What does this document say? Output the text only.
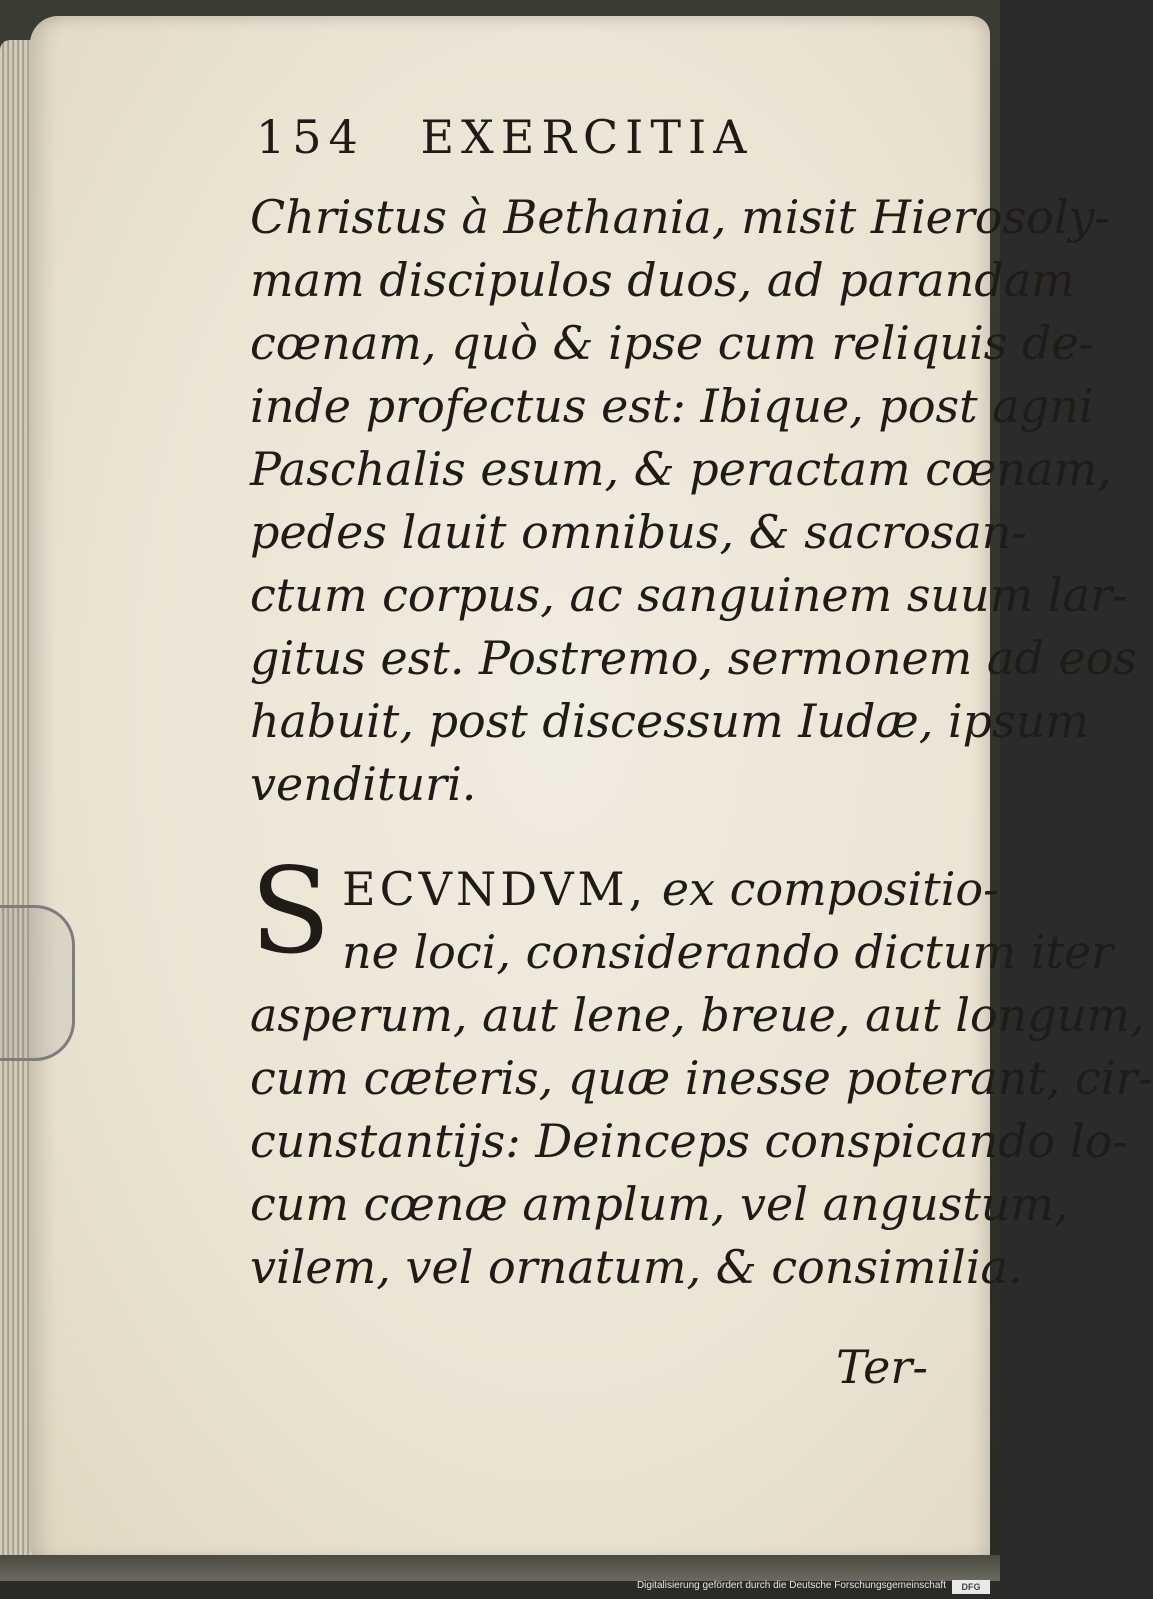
154 EXERCITIA
Christus à Bethania, misit Hierosoly-
mam discipulos duos, ad parandam
cœnam, quò & ipse cum reliquis de-
inde profectus est: Ibique, post agni
Paschalis esum, & peractam cœnam,
pedes lauit omnibus, & sacrosan-
ctum corpus, ac sanguinem suum lar-
gitus est. Postremo, sermonem ad eos
habuit, post discessum Iudæ, ipsum
vendituri.
S ECVNDVM, ex compositio-
ne loci, considerando dictum iter
asperum, aut lene, breue, aut longum,
cum cæteris, quæ inesse poterant, cir-
cunstantijs: Deinceps conspicando lo-
cum cœnæ amplum, vel angustum,
vilem, vel ornatum, & consimilia.
Ter-
Digitalisierung gefördert durch die Deutsche Forschungsgemeinschaft	DFG
